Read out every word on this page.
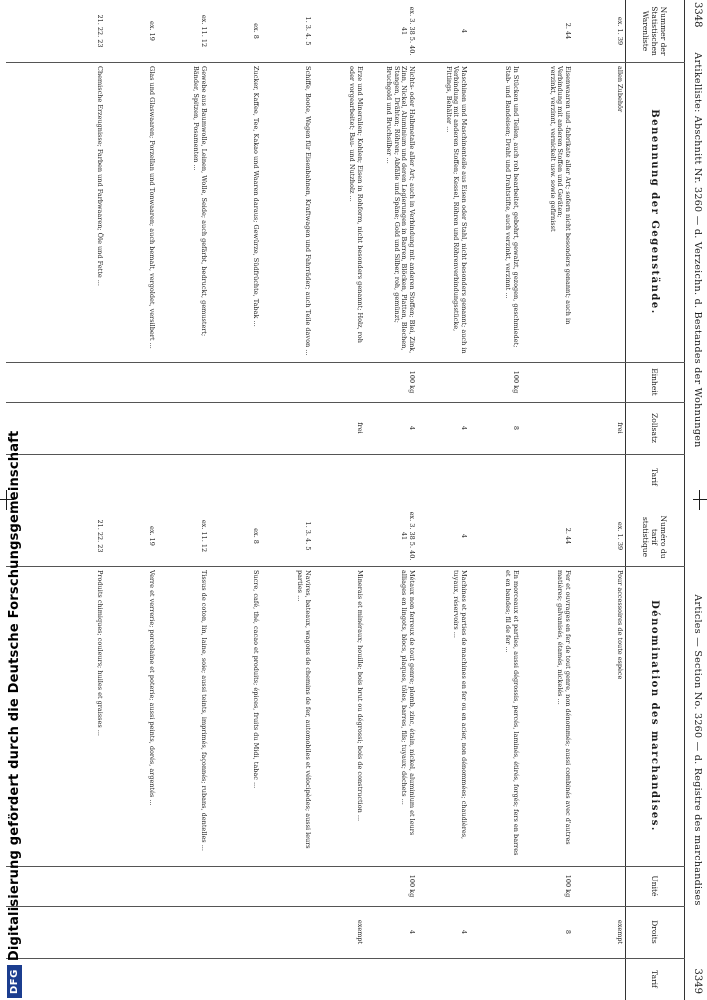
3348
Artikelliste: Abschnitt Nr. 3260 — d. Verzeichn. d. Bestandes der Wohnungen
Nummer der Statistischen Warenliste
Benennung der Gegenstände.
Einheit
Zollsatz
Tarif
ex. 1. 39
allen Zubehör
frei
2. 44
Eisenwaaren und -fabrikate aller Art; sofern nicht besonders genannt; auch in Verbindung mit anderen Stoffen und Geräten;
verzinkt, verzinnt, vernickelt usw. sowie gefirnisst
In Stücken und Teilen, auch roh bearbeitet, gebohrt, gewalzt, gezogen, geschmiedet; Stab- und Bandeisen; Draht und Drahtstifte, auch verzinkt, verzinnt ...
100 kg
8
4
Maschinen und Maschinenteile aus Eisen oder Stahl, nicht besonders genannt; auch in Verbindung mit anderen Stoffen; Kessel, Röhren und Röhrenverbindungsstücke, Fittings, Behälter ...
4
ex. 3. 38 5. 40. 41
Nichts- oder Halbmetalle aller Art; auch in Verbindung mit anderen Stoffen; Blei, Zink, Zinn, Nickel, Aluminium und deren Legierungen in Barren, Blöcken, Platten, Blechen, Stangen, Drähten; Röhren; Abfälle und Späne; Gold und Silber, roh, gemünzt; Bruchgold und Bruchsilber ...
100 kg
4
Erze und Mineralien; Kohlen; Eisen in Rohform, nicht besonders genannt; Holz, roh oder vorgearbeitet; Bau- und Nutzholz ...
frei
1. 3. 4. 5
Schiffe, Boote, Wagen für Eisenbahnen, Kraftwagen und Fahrräder; auch Teile davon ...
ex. 8
Zucker, Kaffee, Tee, Kakao und Waaren daraus; Gewürze, Südfrüchte, Tabak ...
ex. 11. 12
Gewebe aus Baumwolle, Leinen, Wolle, Seide; auch gefärbt, bedruckt, gemustert; Bänder, Spitzen, Posamenten ...
ex. 19
Glas und Glaswaaren; Porzellan und Tonwaaren; auch bemalt, vergoldet, versilbert ...
21. 22. 23
Chemische Erzeugnisse; Farben und Farbwaaren; Öle und Fette ...
3349
Articles — Section No. 3260 — d. Registre des marchandises
Numéro du tarif statistique
Dénomination des marchandises.
Unité
Droits
Tarif
ex. 1. 39
Pour accessoires de toute espèce
exempt
2. 44
Fer et ouvrages en fer de tout genre, non dénommés; aussi combinés avec d'autres matières; galvanisés, étamés, nickelés ...
100 kg
8
En morceaux et parties, aussi dégrossis, percés, laminés, étirés, forgés; fers en barres et en bandes; fil de fer ...
4
Machines et parties de machines en fer ou en acier, non dénommées; chaudières, tuyaux, réservoirs ...
4
ex. 3. 38 5. 40. 41
Métaux non ferreux de tout genre; plomb, zinc, étain, nickel, aluminium et leurs alliages en lingots, blocs, plaques, tôles, barres, fils; tuyaux; déchets ...
100 kg
4
Minerais et minéraux; houille; bois brut ou dégrossi; bois de construction ...
exempt
1. 3. 4. 5
Navires, bateaux, wagons de chemins de fer, automobiles et vélocipèdes; aussi leurs parties ...
ex. 8
Sucre, café, thé, cacao et produits; épices, fruits du Midi, tabac ...
ex. 11. 12
Tissus de coton, lin, laine, soie; aussi teints, imprimés, façonnés; rubans, dentelles ...
ex. 19
Verre et verrerie; porcelaine et poterie; aussi peints, dorés, argentés ...
21. 22. 23
Produits chimiques; couleurs; huiles et graisses ...
DFG
Digitalisierung gefördert durch die Deutsche Forschungsgemeinschaft
